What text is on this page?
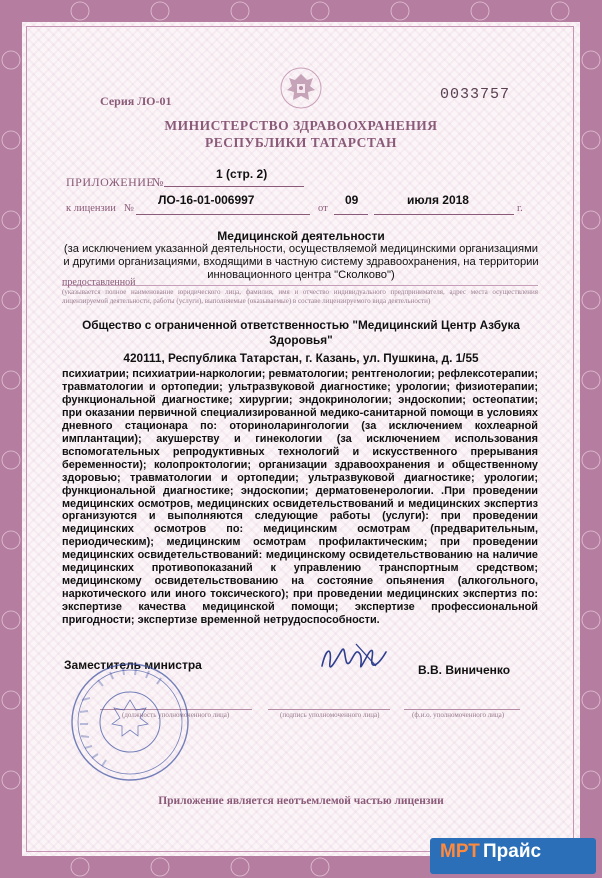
Серия ЛО-01	0033757
МИНИСТЕРСТВО ЗДРАВООХРАНЕНИЯ
РЕСПУБЛИКИ ТАТАРСТАН
ПРИЛОЖЕНИЕ
№
1 (стр. 2)
к лицензии №
ЛО-16-01-006997
от
09	июля 2018
г.
Медицинской деятельности
(за исключением указанной деятельности, осуществляемой медицинскими организациями и другими организациями, входящими в частную систему здравоохранения, на территории инновационного центра "Сколково")
предоставленной
(указывается полное наименование юридического лица, фамилия, имя и отчество индивидуального предпринимателя, адрес места осуществления лицензируемой деятельности, работы (услуги), выполняемые (оказываемые) в составе лицензируемого вида деятельности)
Общество с ограниченной ответственностью "Медицинский Центр Азбука Здоровья"
420111, Республика Татарстан, г. Казань, ул. Пушкина, д. 1/55
психиатрии; психиатрии-наркологии; ревматологии; рентгенологии; рефлексотерапии; травматологии и ортопедии; ультразвуковой диагностике; урологии; физиотерапии; функциональной диагностике; хирургии; эндокринологии; эндоскопии; остеопатии; при оказании первичной специализированной медико-санитарной помощи в условиях дневного стационара по: оториноларингологии (за исключением кохлеарной имплантации); акушерству и гинекологии (за исключением использования вспомогательных репродуктивных технологий и искусственного прерывания беременности); колопроктологии; организации здравоохранения и общественному здоровью; травматологии и ортопедии; ультразвуковой диагностике; урологии; функциональной диагностике; эндоскопии; дерматовенерологии. .При проведении медицинских осмотров, медицинских освидетельствований и медицинских экспертиз организуются и выполняются следующие работы (услуги): при проведении медицинских осмотров по: медицинским осмотрам (предварительным, периодическим); медицинским осмотрам профилактическим; при проведении медицинских освидетельствований: медицинскому освидетельствованию на наличие медицинских противопоказаний к управлению транспортным средством; медицинскому освидетельствованию на состояние опьянения (алкогольного, наркотического или иного токсического); при проведении медицинских экспертиз по: экспертизе качества медицинской помощи; экспертизе профессиональной пригодности; экспертизе временной нетрудоспособности.
Заместитель министра	В.В. Виниченко
(должность уполномоченного лица)	(подпись уполномоченного лица)	(ф.и.о. уполномоченного лица)
Приложение является неотъемлемой частью лицензии
МРТ Прайс
